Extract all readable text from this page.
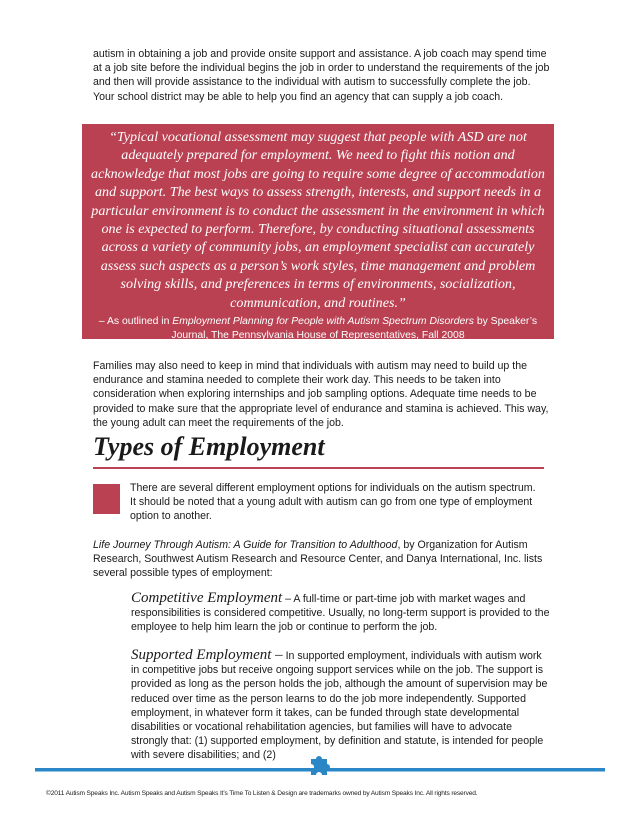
autism in obtaining a job and provide onsite support and assistance. A job coach may spend time at a job site before the individual begins the job in order to understand the requirements of the job and then will provide assistance to the individual with autism to successfully complete the job. Your school district may be able to help you find an agency that can supply a job coach.

“Typical vocational assessment may suggest that people with ASD are not adequately prepared for employment. We need to fight this notion and acknowledge that most jobs are going to require some degree of accommodation and support. The best ways to assess strength, interests, and support needs in a particular environment is to conduct the assessment in the environment in which one is expected to perform. Therefore, by conducting situational assessments across a variety of community jobs, an employment specialist can accurately assess such aspects as a person’s work styles, time management and problem solving skills, and preferences in terms of environments, socialization, communication, and routines.”

– As outlined in Employment Planning for People with Autism Spectrum Disorders by Speaker’s Journal, The Pennsylvania House of Representatives, Fall 2008

Families may also need to keep in mind that individuals with autism may need to build up the endurance and stamina needed to complete their work day. This needs to be taken into consideration when exploring internships and job sampling options. Adequate time needs to be provided to make sure that the appropriate level of endurance and stamina is achieved. This way, the young adult can meet the requirements of the job.

Types of Employment

There are several different employment options for individuals on the autism spectrum. It should be noted that a young adult with autism can go from one type of employment option to another.

Life Journey Through Autism: A Guide for Transition to Adulthood, by Organization for Autism Research, Southwest Autism Research and Resource Center, and Danya International, Inc. lists several possible types of employment:

Competitive Employment – A full-time or part-time job with market wages and responsibilities is considered competitive. Usually, no long-term support is provided to the employee to help him learn the job or continue to perform the job.

Supported Employment – In supported employment, individuals with autism work in competitive jobs but receive ongoing support services while on the job. The support is provided as long as the person holds the job, although the amount of supervision may be reduced over time as the person learns to do the job more independently. Supported employment, in whatever form it takes, can be funded through state developmental disabilities or vocational rehabilitation agencies, but families will have to advocate strongly that: (1) supported employment, by definition and statute, is intended for people with severe disabilities; and (2)

©2011 Autism Speaks Inc. Autism Speaks and Autism Speaks It’s Time To Listen & Design are trademarks owned by Autism Speaks Inc. All rights reserved.
